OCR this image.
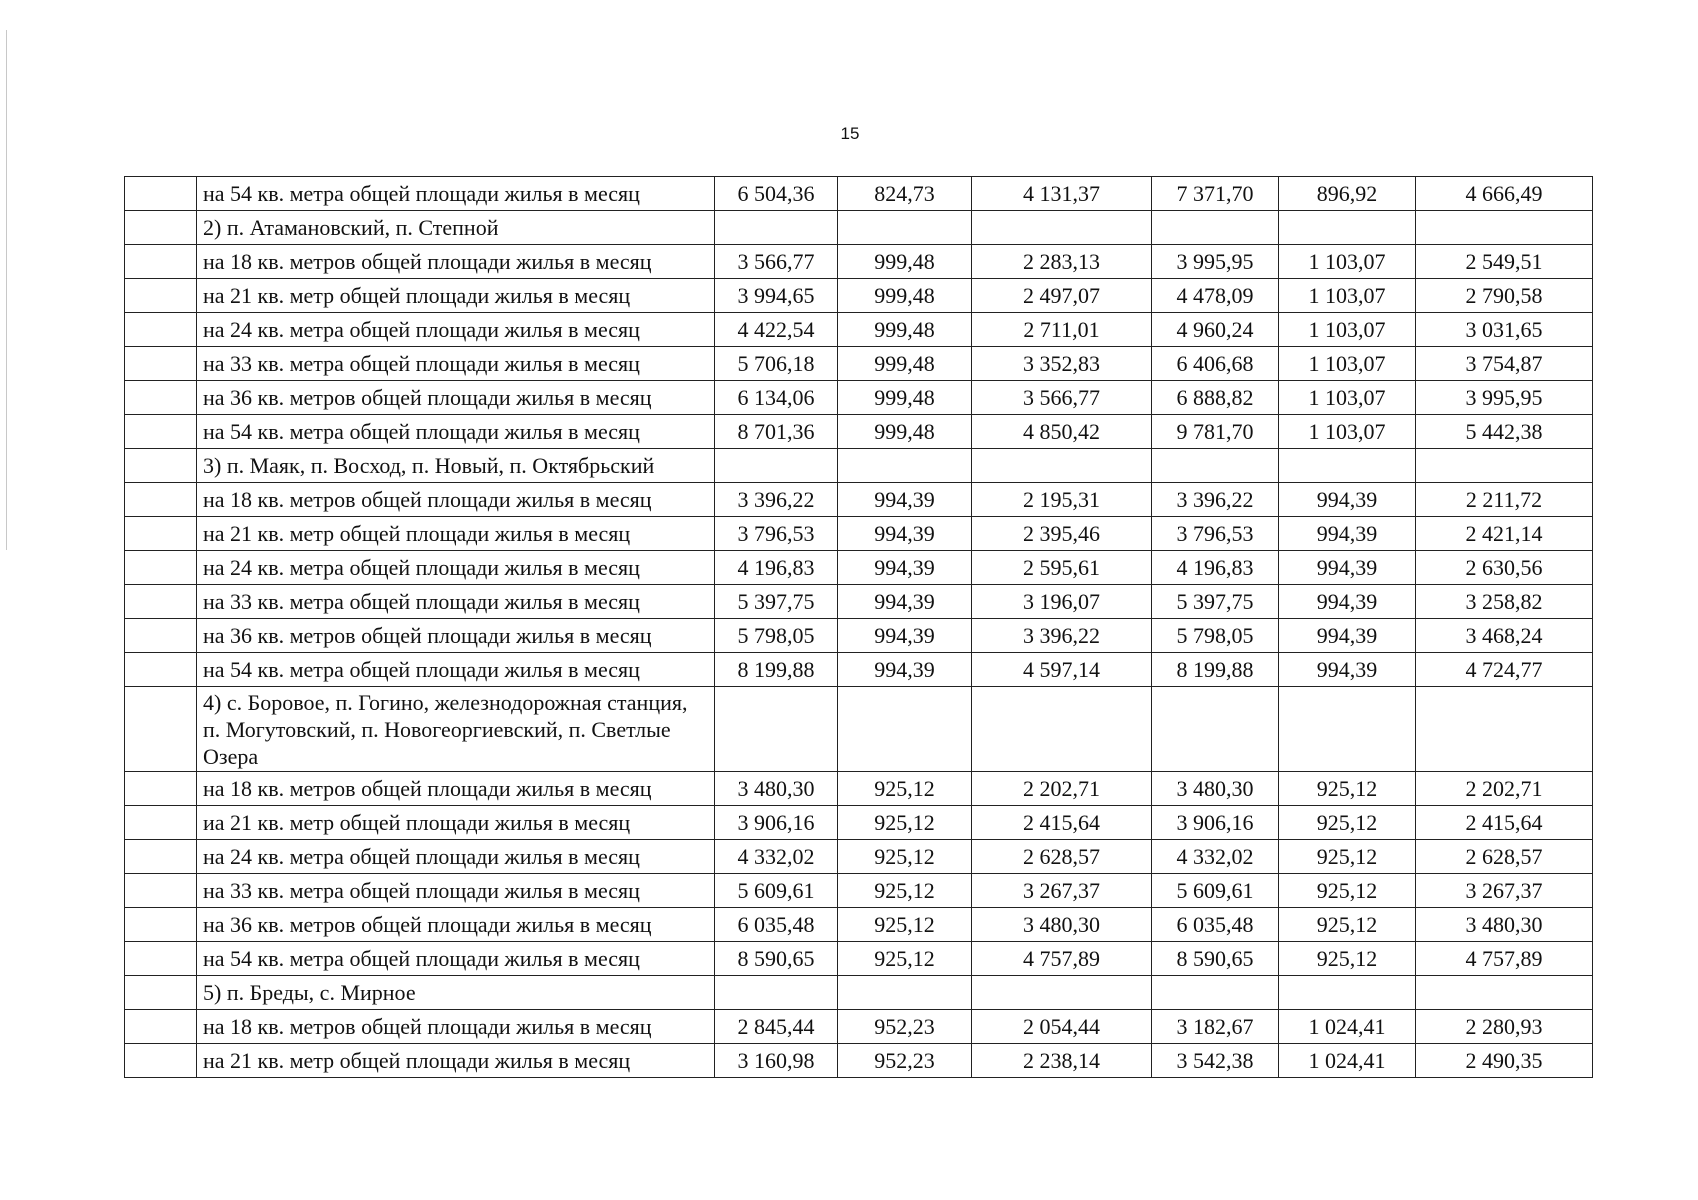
15
	на 54 кв. метра общей площади жилья в месяц	6 504,36	824,73	4 131,37	7 371,70	896,92	4 666,49
	2) п. Атамановский, п. Степной						
	на 18 кв. метров общей площади жилья в месяц	3 566,77	999,48	2 283,13	3 995,95	1 103,07	2 549,51
	на 21 кв. метр общей площади жилья в месяц	3 994,65	999,48	2 497,07	4 478,09	1 103,07	2 790,58
	на 24 кв. метра общей площади жилья в месяц	4 422,54	999,48	2 711,01	4 960,24	1 103,07	3 031,65
	на 33 кв. метра общей площади жилья в месяц	5 706,18	999,48	3 352,83	6 406,68	1 103,07	3 754,87
	на 36 кв. метров общей площади жилья в месяц	6 134,06	999,48	3 566,77	6 888,82	1 103,07	3 995,95
	на 54 кв. метра общей площади жилья в месяц	8 701,36	999,48	4 850,42	9 781,70	1 103,07	5 442,38
	3) п. Маяк, п. Восход, п. Новый, п. Октябрьский						
	на 18 кв. метров общей площади жилья в месяц	3 396,22	994,39	2 195,31	3 396,22	994,39	2 211,72
	на 21 кв. метр общей площади жилья в месяц	3 796,53	994,39	2 395,46	3 796,53	994,39	2 421,14
	на 24 кв. метра общей площади жилья в месяц	4 196,83	994,39	2 595,61	4 196,83	994,39	2 630,56
	на 33 кв. метра общей площади жилья в месяц	5 397,75	994,39	3 196,07	5 397,75	994,39	3 258,82
	на 36 кв. метров общей площади жилья в месяц	5 798,05	994,39	3 396,22	5 798,05	994,39	3 468,24
	на 54 кв. метра общей площади жилья в месяц	8 199,88	994,39	4 597,14	8 199,88	994,39	4 724,77
	4) с. Боровое, п. Гогино, железнодорожная станция, п. Могутовский, п. Новогеоргиевский, п. Светлые Озера						
	на 18 кв. метров общей площади жилья в месяц	3 480,30	925,12	2 202,71	3 480,30	925,12	2 202,71
	иа 21 кв. метр общей площади жилья в месяц	3 906,16	925,12	2 415,64	3 906,16	925,12	2 415,64
	на 24 кв. метра общей площади жилья в месяц	4 332,02	925,12	2 628,57	4 332,02	925,12	2 628,57
	на 33 кв. метра общей площади жилья в месяц	5 609,61	925,12	3 267,37	5 609,61	925,12	3 267,37
	на 36 кв. метров общей площади жилья в месяц	6 035,48	925,12	3 480,30	6 035,48	925,12	3 480,30
	на 54 кв. метра общей площади жилья в месяц	8 590,65	925,12	4 757,89	8 590,65	925,12	4 757,89
	5) п. Бреды, с. Мирное						
	на 18 кв. метров общей площади жилья в месяц	2 845,44	952,23	2 054,44	3 182,67	1 024,41	2 280,93
	на 21 кв. метр общей площади жилья в месяц	3 160,98	952,23	2 238,14	3 542,38	1 024,41	2 490,35
